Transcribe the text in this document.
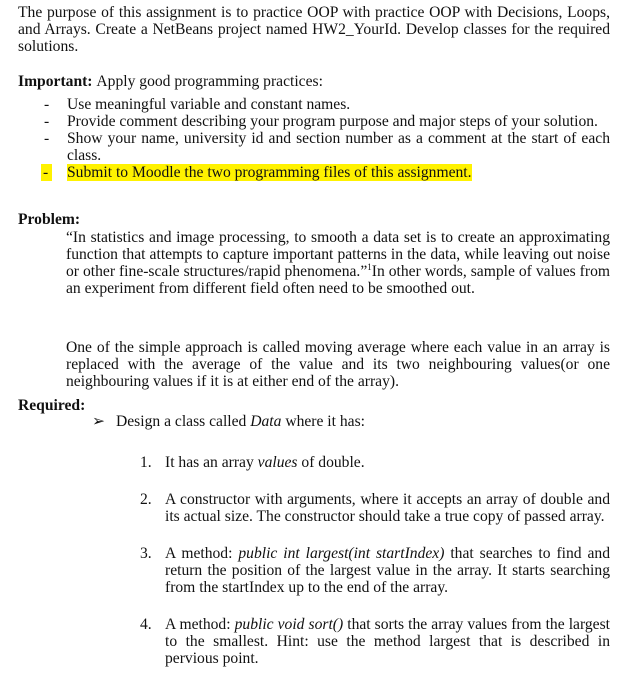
The purpose of this assignment is to practice OOP with practice OOP with Decisions, Loops, and Arrays. Create a NetBeans project named HW2_YourId. Develop classes for the required solutions.
Important: Apply good programming practices:
- Use meaningful variable and constant names.
- Provide comment describing your program purpose and major steps of your solution.
- Show your name, university id and section number as a comment at the start of each class.
- Submit to Moodle the two programming files of this assignment.
Problem:
“In statistics and image processing, to smooth a data set is to create an approximating function that attempts to capture important patterns in the data, while leaving out noise or other fine-scale structures/rapid phenomena.”$^1$In other words, sample of values from an experiment from different field often need to be smoothed out.
One of the simple approach is called moving average where each value in an array is replaced with the average of the value and its two neighbouring values(or one neighbouring values if it is at either end of the array).
Required:
➢ Design a class called Data where it has:
1. It has an array values of double.
2. A constructor with arguments, where it accepts an array of double and its actual size. The constructor should take a true copy of passed array.
3. A method: public int largest(int startIndex) that searches to find and return the position of the largest value in the array. It starts searching from the startIndex up to the end of the array.
4. A method: public void sort() that sorts the array values from the largest to the smallest. Hint: use the method largest that is described in pervious point.
